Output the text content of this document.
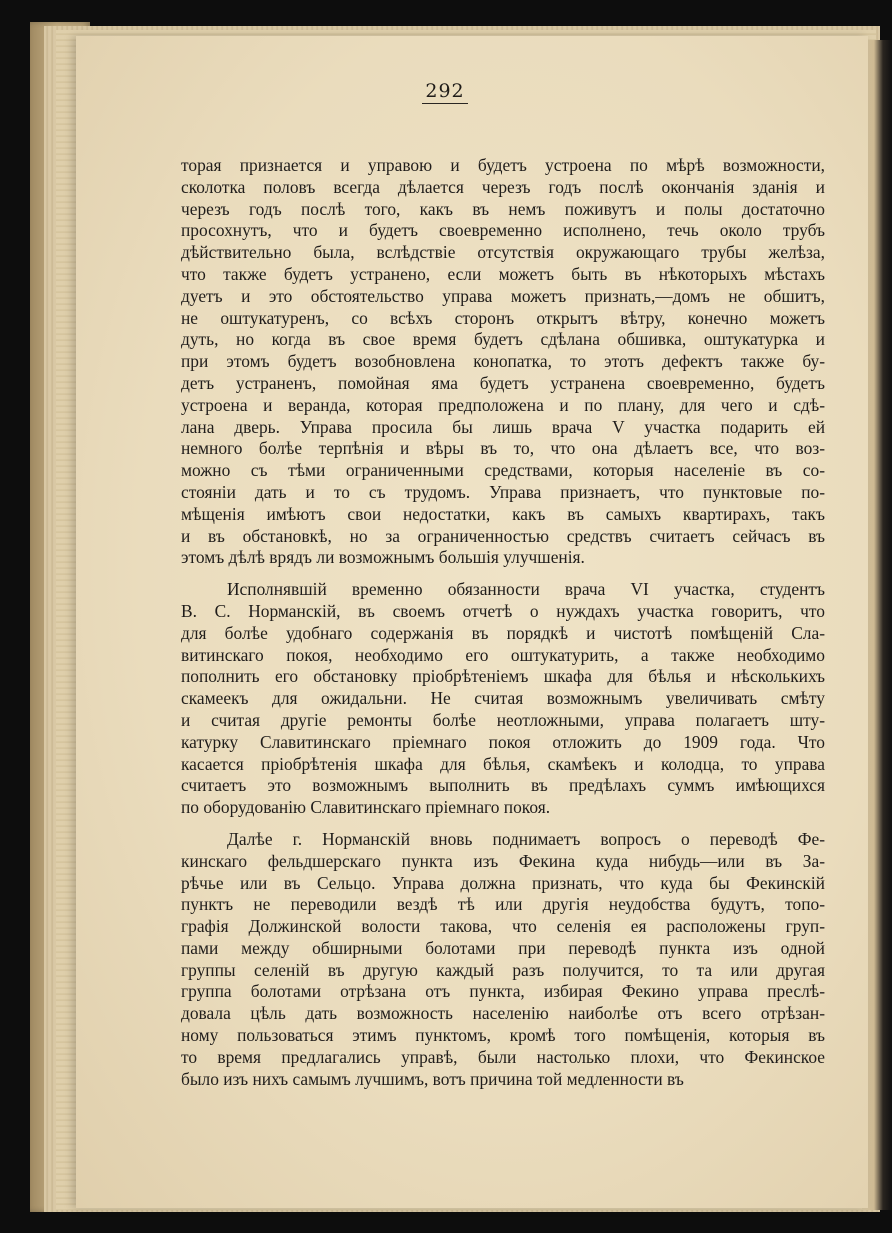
292
торая признается и управою и будетъ устроена по мѣрѣ возможности,
сколотка половъ всегда дѣлается черезъ годъ послѣ окончанія зданія и
черезъ годъ послѣ того, какъ въ немъ поживутъ и полы достаточно
просохнутъ, что и будетъ своевременно исполнено, течь около трубъ
дѣйствительно была, вслѣдствіе отсутствія окружающаго трубы желѣза,
что также будетъ устранено, если можетъ быть въ нѣкоторыхъ мѣстахъ
дуетъ и это обстоятельство управа можетъ признать,—домъ не обшитъ,
не оштукатуренъ, со всѣхъ сторонъ открытъ вѣтру, конечно можетъ
дуть, но когда въ свое время будетъ сдѣлана обшивка, оштукатурка и
при этомъ будетъ возобновлена конопатка, то этотъ дефектъ также бу-
детъ устраненъ, помойная яма будетъ устранена своевременно, будетъ
устроена и веранда, которая предположена и по плану, для чего и сдѣ-
лана дверь. Управа просила бы лишь врача V участка подарить ей
немного болѣе терпѣнія и вѣры въ то, что она дѣлаетъ все, что воз-
можно съ тѣми ограниченными средствами, которыя населеніе въ со-
стояніи дать и то съ трудомъ. Управа признаетъ, что пунктовые по-
мѣщенія имѣютъ свои недостатки, какъ въ самыхъ квартирахъ, такъ
и въ обстановкѣ, но за ограниченностью средствъ считаетъ сейчасъ въ
этомъ дѣлѣ врядъ ли возможнымъ большія улучшенія.
Исполнявшій временно обязанности врача VI участка, студентъ
В. С. Норманскій, въ своемъ отчетѣ о нуждахъ участка говоритъ, что
для болѣе удобнаго содержанія въ порядкѣ и чистотѣ помѣщеній Сла-
витинскаго покоя, необходимо его оштукатурить, а также необходимо
пополнить его обстановку пріобрѣтеніемъ шкафа для бѣлья и нѣсколькихъ
скамеекъ для ожидальни. Не считая возможнымъ увеличивать смѣту
и считая другіе ремонты болѣе неотложными, управа полагаетъ шту-
катурку Славитинскаго пріемнаго покоя отложить до 1909 года. Что
касается пріобрѣтенія шкафа для бѣлья, скамѣекъ и колодца, то управа
считаетъ это возможнымъ выполнить въ предѣлахъ суммъ имѣющихся
по оборудованію Славитинскаго пріемнаго покоя.
Далѣе г. Норманскій вновь поднимаетъ вопросъ о переводѣ Фе-
кинскаго фельдшерскаго пункта изъ Фекина куда нибудь—или въ За-
рѣчье или въ Сельцо. Управа должна признать, что куда бы Фекинскій
пунктъ не переводили вездѣ тѣ или другія неудобства будутъ, топо-
графія Должинской волости такова, что селенія ея расположены груп-
пами между обширными болотами при переводѣ пункта изъ одной
группы селеній въ другую каждый разъ получится, то та или другая
группа болотами отрѣзана отъ пункта, избирая Фекино управа преслѣ-
довала цѣль дать возможность населенію наиболѣе отъ всего отрѣзан-
ному пользоваться этимъ пунктомъ, кромѣ того помѣщенія, которыя въ
то время предлагались управѣ, были настолько плохи, что Фекинское
было изъ нихъ самымъ лучшимъ, вотъ причина той медленности въ
